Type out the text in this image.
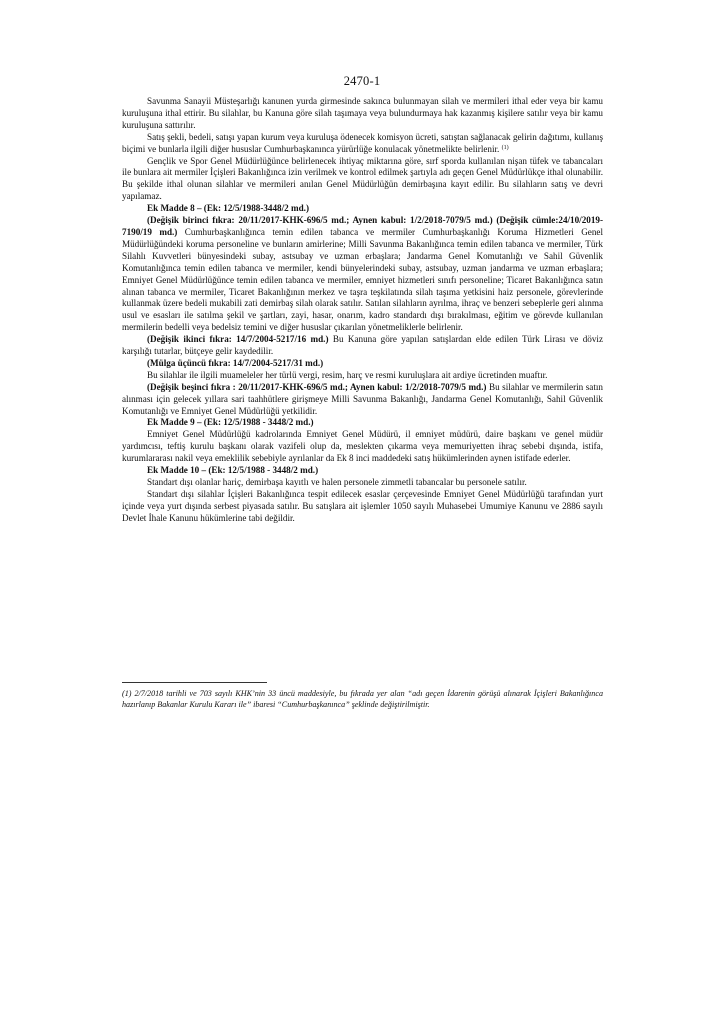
2470-1

Savunma Sanayii Müsteşarlığı kanunen yurda girmesinde sakınca bulunmayan silah ve mermileri ithal eder veya bir kamu kuruluşuna ithal ettirir. Bu silahlar, bu Kanuna göre silah taşımaya veya bulundurmaya hak kazanmış kişilere satılır veya bir kamu kuruluşuna sattırılır.

Satış şekli, bedeli, satışı yapan kurum veya kuruluşa ödenecek komisyon ücreti, satıştan sağlanacak gelirin dağıtımı, kullanış biçimi ve bunlarla ilgili diğer hususlar Cumhurbaşkanınca yürürlüğe konulacak yönetmelikte belirlenir. $^{(1)}$

Gençlik ve Spor Genel Müdürlüğünce belirlenecek ihtiyaç miktarına göre, sırf sporda kullanılan nişan tüfek ve tabancaları ile bunlara ait mermiler İçişleri Bakanlığınca izin verilmek ve kontrol edilmek şartıyla adı geçen Genel Müdürlükçe ithal olunabilir. Bu şekilde ithal olunan silahlar ve mermileri anılan Genel Müdürlüğün demirbaşına kayıt edilir. Bu silahların satış ve devri yapılamaz.

Ek Madde 8 – (Ek: 12/5/1988-3448/2 md.)

(Değişik birinci fıkra: 20/11/2017-KHK-696/5 md.; Aynen kabul: 1/2/2018-7079/5 md.) (Değişik cümle:24/10/2019-7190/19 md.) Cumhurbaşkanlığınca temin edilen tabanca ve mermiler Cumhurbaşkanlığı Koruma Hizmetleri Genel Müdürlüğündeki koruma personeline ve bunların amirlerine; Milli Savunma Bakanlığınca temin edilen tabanca ve mermiler, Türk Silahlı Kuvvetleri bünyesindeki subay, astsubay ve uzman erbaşlara; Jandarma Genel Komutanlığı ve Sahil Güvenlik Komutanlığınca temin edilen tabanca ve mermiler, kendi bünyelerindeki subay, astsubay, uzman jandarma ve uzman erbaşlara; Emniyet Genel Müdürlüğünce temin edilen tabanca ve mermiler, emniyet hizmetleri sınıfı personeline; Ticaret Bakanlığınca satın alınan tabanca ve mermiler, Ticaret Bakanlığının merkez ve taşra teşkilatında silah taşıma yetkisini haiz personele, görevlerinde kullanmak üzere bedeli mukabili zati demirbaş silah olarak satılır. Satılan silahların ayrılma, ihraç ve benzeri sebeplerle geri alınma usul ve esasları ile satılma şekil ve şartları, zayi, hasar, onarım, kadro standardı dışı bırakılması, eğitim ve görevde kullanılan mermilerin bedelli veya bedelsiz temini ve diğer hususlar çıkarılan yönetmeliklerle belirlenir.

(Değişik ikinci fıkra: 14/7/2004-5217/16 md.) Bu Kanuna göre yapılan satışlardan elde edilen Türk Lirası ve döviz karşılığı tutarlar, bütçeye gelir kaydedilir.

(Mülga üçüncü fıkra: 14/7/2004-5217/31 md.)

Bu silahlar ile ilgili muameleler her türlü vergi, resim, harç ve resmi kuruluşlara ait ardiye ücretinden muaftır.

(Değişik beşinci fıkra : 20/11/2017-KHK-696/5 md.; Aynen kabul: 1/2/2018-7079/5 md.) Bu silahlar ve mermilerin satın alınması için gelecek yıllara sari taahhütlere girişmeye Milli Savunma Bakanlığı, Jandarma Genel Komutanlığı, Sahil Güvenlik Komutanlığı ve Emniyet Genel Müdürlüğü yetkilidir.

Ek Madde 9 – (Ek: 12/5/1988 - 3448/2 md.)

Emniyet Genel Müdürlüğü kadrolarında Emniyet Genel Müdürü, il emniyet müdürü, daire başkanı ve genel müdür yardımcısı, teftiş kurulu başkanı olarak vazifeli olup da, meslekten çıkarma veya memuriyetten ihraç sebebi dışında, istifa, kurumlararası nakil veya emeklilik sebebiyle ayrılanlar da Ek 8 inci maddedeki satış hükümlerinden aynen istifade ederler.

Ek Madde 10 – (Ek: 12/5/1988 - 3448/2 md.)

Standart dışı olanlar hariç, demirbaşa kayıtlı ve halen personele zimmetli tabancalar bu personele satılır.

Standart dışı silahlar İçişleri Bakanlığınca tespit edilecek esaslar çerçevesinde Emniyet Genel Müdürlüğü tarafından yurt içinde veya yurt dışında serbest piyasada satılır. Bu satışlara ait işlemler 1050 sayılı Muhasebei Umumiye Kanunu ve 2886 sayılı Devlet İhale Kanunu hükümlerine tabi değildir.

(1) 2/7/2018 tarihli ve 703 sayılı KHK’nin 33 üncü maddesiyle, bu fıkrada yer alan “adı geçen İdarenin görüşü alınarak İçişleri Bakanlığınca hazırlanıp Bakanlar Kurulu Kararı ile” ibaresi “Cumhurbaşkanınca” şeklinde değiştirilmiştir.
